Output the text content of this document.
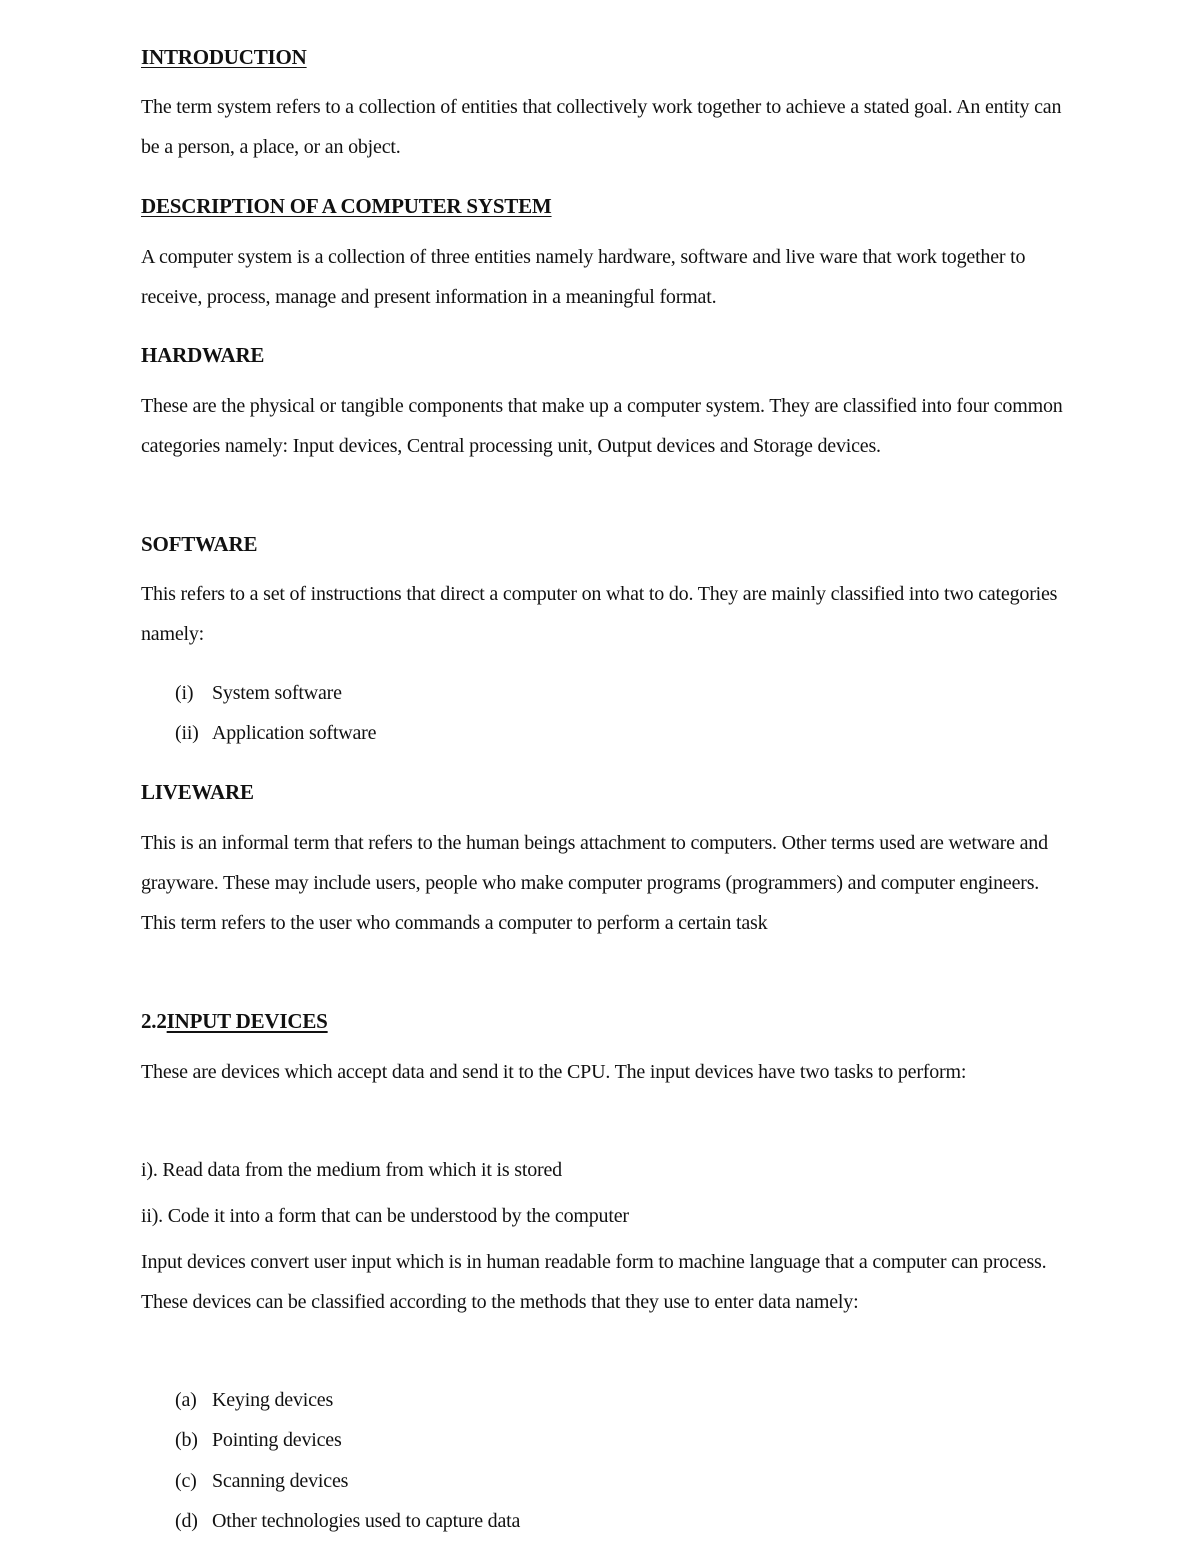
INTRODUCTION

The term system refers to a collection of entities that collectively work together to achieve a stated goal. An entity can be a person, a place, or an object.

DESCRIPTION OF A COMPUTER SYSTEM

A computer system is a collection of three entities namely hardware, software and live ware that work together to receive, process, manage and present information in a meaningful format.

HARDWARE

These are the physical or tangible components that make up a computer system. They are classified into four common categories namely: Input devices, Central processing unit, Output devices and Storage devices.

SOFTWARE

This refers to a set of instructions that direct a computer on what to do. They are mainly classified into two categories namely:

(i) System software
(ii) Application software
LIVEWARE

This is an informal term that refers to the human beings attachment to computers. Other terms used are wetware and grayware. These may include users, people who make computer programs (programmers) and computer engineers. This term refers to the user who commands a computer to perform a certain task

2.2INPUT DEVICES

These are devices which accept data and send it to the CPU. The input devices have two tasks to perform:

i). Read data from the medium from which it is stored
ii). Code it into a form that can be understood by the computer

Input devices convert user input which is in human readable form to machine language that a computer can process. These devices can be classified according to the methods that they use to enter data namely:

(a) Keying devices
(b) Pointing devices
(c) Scanning devices
(d) Other technologies used to capture data
